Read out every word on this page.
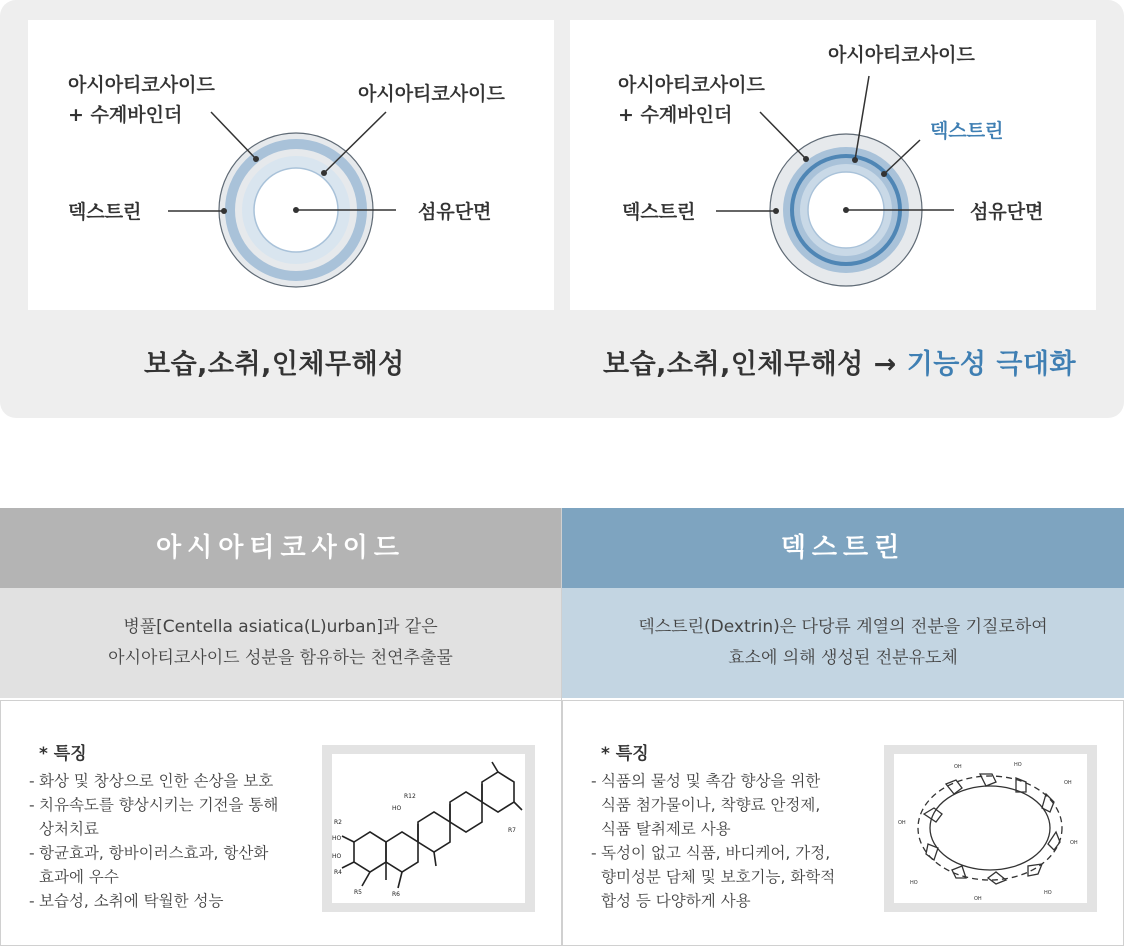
아시아티코사이드
+ 수계바인더
아시아티코사이드
덱스트린	섬유단면
아시아티코사이드
+ 수계바인더
아시아티코사이드
덱스트린
덱스트린	섬유단면
보습,소취,인체무해성	보습,소취,인체무해성 → 기능성 극대화
아시아티코사이드
병풀[Centella asiatica(L)urban]과 같은
아시아티코사이드 성분을 함유하는 천연추출물
* 특징
- 화상 및 창상으로 인한 손상을 보호
- 치유속도를 향상시키는 기전을 통해
상처치료
- 항균효과, 항바이러스효과, 항산화
효과에 우수
- 보습성, 소취에 탁월한 성능
R2
HO
HO
R4
R5	R6
HO
R12
R7
덱스트린
덱스트린(Dextrin)은 다당류 계열의 전분을 기질로하여
효소에 의해 생성된 전분유도체
* 특징
- 식품의 물성 및 촉감 향상을 위한
식품 첨가물이나, 착향료 안정제,
식품 탈취제로 사용
- 독성이 없고 식품, 바디케어, 가정,
향미성분 담체 및 보호기능, 화학적
합성 등 다양하게 사용
OH	HO
OH
OH
HO
OH
HO
OH
